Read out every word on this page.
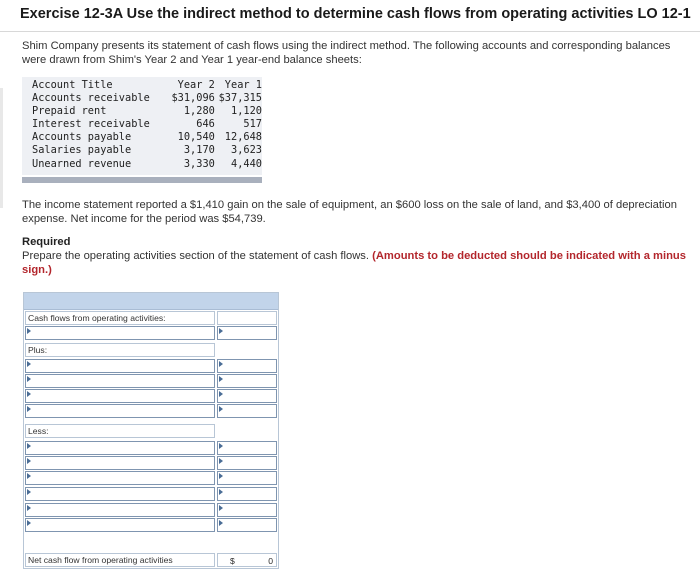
Exercise 12-3A Use the indirect method to determine cash flows from operating activities LO 12-1

Shim Company presents its statement of cash flows using the indirect method. The following accounts and corresponding balances were drawn from Shim's Year 2 and Year 1 year-end balance sheets:

Account Title	Year 2	Year 1
Accounts receivable	$31,096	$37,315
Prepaid rent	1,280	1,120
Interest receivable	646	517
Accounts payable	10,540	12,648
Salaries payable	3,170	3,623
Unearned revenue	3,330	4,440

The income statement reported a $1,410 gain on the sale of equipment, an $600 loss on the sale of land, and $3,400 of depreciation expense. Net income for the period was $54,739.

Required

Prepare the operating activities section of the statement of cash flows. (Amounts to be deducted should be indicated with a minus sign.)

Cash flows from operating activities:
Plus:
Less:
Net cash flow from operating activities	$	0
